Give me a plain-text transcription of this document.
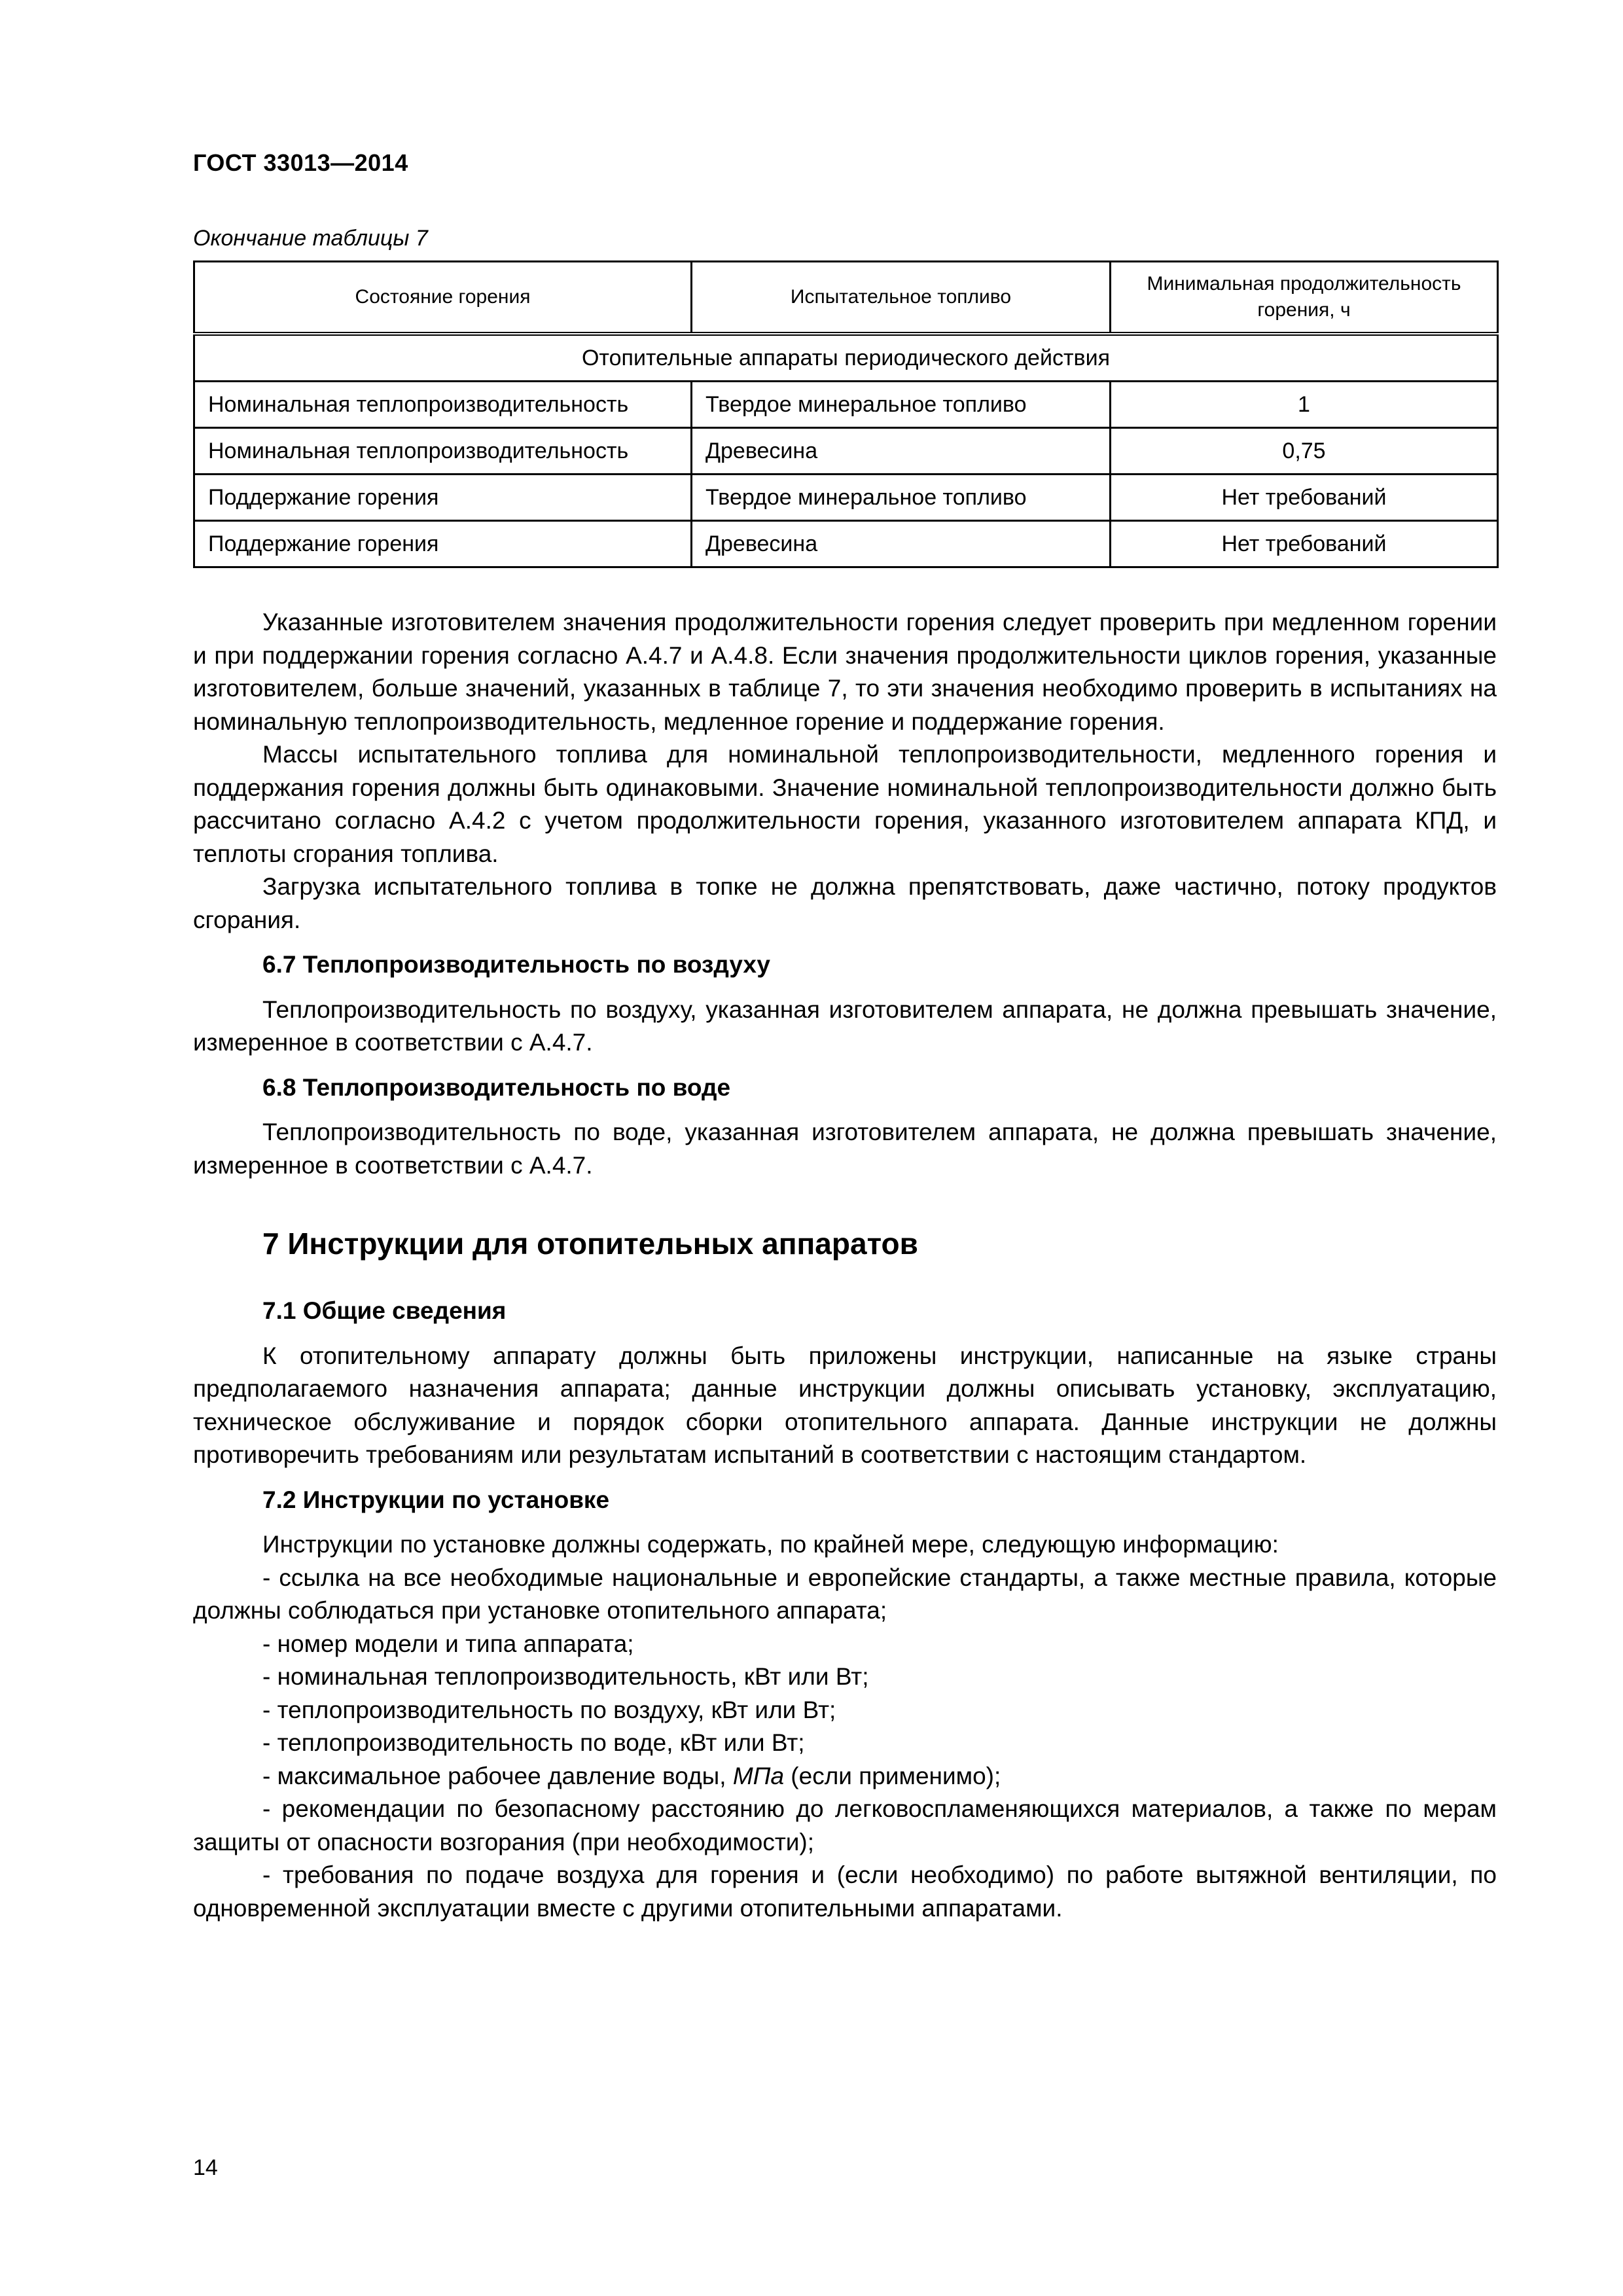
ГОСТ 33013—2014
Окончание таблицы 7
Состояние горения	Испытательное топливо	Минимальная продолжительность горения, ч
Отопительные аппараты периодического действия		
Номинальная теплопроизводительность	Твердое минеральное топливо	1
Номинальная теплопроизводительность	Древесина	0,75
Поддержание горения	Твердое минеральное топливо	Нет требований
Поддержание горения	Древесина	Нет требований

Указанные изготовителем значения продолжительности горения следует проверить при медленном горении и при поддержании горения согласно А.4.7 и А.4.8. Если значения продолжительности циклов горения, указанные изготовителем, больше значений, указанных в таблице 7, то эти значения необходимо проверить в испытаниях на номинальную теплопроизводительность, медленное горение и поддержание горения.

Массы испытательного топлива для номинальной теплопроизводительности, медленного горения и поддержания горения должны быть одинаковыми. Значение номинальной теплопроизводительности должно быть рассчитано согласно А.4.2 с учетом продолжительности горения, указанного изготовителем аппарата КПД, и теплоты сгорания топлива.

Загрузка испытательного топлива в топке не должна препятствовать, даже частично, потоку продуктов сгорания.

6.7 Теплопроизводительность по воздуху

Теплопроизводительность по воздуху, указанная изготовителем аппарата, не должна превышать значение, измеренное в соответствии с А.4.7.

6.8 Теплопроизводительность по воде

Теплопроизводительность по воде, указанная изготовителем аппарата, не должна превышать значение, измеренное в соответствии с А.4.7.

7 Инструкции для отопительных аппаратов
7.1 Общие сведения

К отопительному аппарату должны быть приложены инструкции, написанные на языке страны предполагаемого назначения аппарата; данные инструкции должны описывать установку, эксплуатацию, техническое обслуживание и порядок сборки отопительного аппарата. Данные инструкции не должны противоречить требованиям или результатам испытаний в соответствии с настоящим стандартом.

7.2 Инструкции по установке

Инструкции по установке должны содержать, по крайней мере, следующую информацию:

- ссылка на все необходимые национальные и европейские стандарты, а также местные правила, которые должны соблюдаться при установке отопительного аппарата;

- номер модели и типа аппарата;

- номинальная теплопроизводительность, кВт или Вт;

- теплопроизводительность по воздуху, кВт или Вт;

- теплопроизводительность по воде, кВт или Вт;

- максимальное рабочее давление воды, МПа (если применимо);

- рекомендации по безопасному расстоянию до легковоспламеняющихся материалов, а также по мерам защиты от опасности возгорания (при необходимости);

- требования по подаче воздуха для горения и (если необходимо) по работе вытяжной вентиляции, по одновременной эксплуатации вместе с другими отопительными аппаратами.

14
